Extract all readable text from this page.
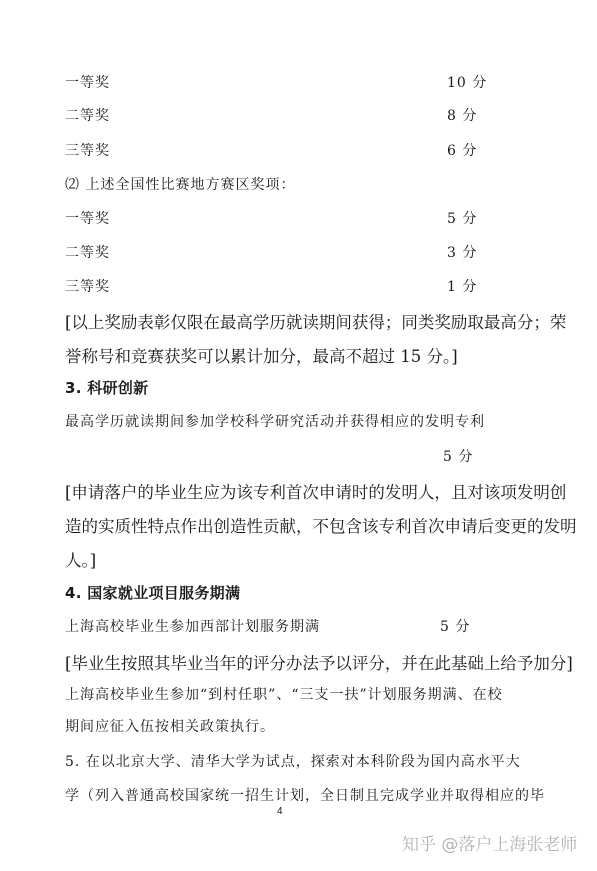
一等奖	10 分
二等奖	8 分
三等奖	6 分
⑵ 上述全国性比赛地方赛区奖项：
一等奖	5 分
二等奖	3 分
三等奖	1 分
[以上奖励表彰仅限在最高学历就读期间获得；同类奖励取最高分；荣
誉称号和竞赛获奖可以累计加分，最高不超过 15 分。]
3. 科研创新
最高学历就读期间参加学校科学研究活动并获得相应的发明专利
5 分
[申请落户的毕业生应为该专利首次申请时的发明人，且对该项发明创
造的实质性特点作出创造性贡献，不包含该专利首次申请后变更的发明
人。]
4. 国家就业项目服务期满
上海高校毕业生参加西部计划服务期满	5 分
[毕业生按照其毕业当年的评分办法予以评分，并在此基础上给予加分]
上海高校毕业生参加“到村任职”、“三支一扶”计划服务期满、在校
期间应征入伍按相关政策执行。
5. 在以北京大学、清华大学为试点，探索对本科阶段为国内高水平大
学（列入普通高校国家统一招生计划，全日制且完成学业并取得相应的毕
4
知乎 @落户上海张老师
